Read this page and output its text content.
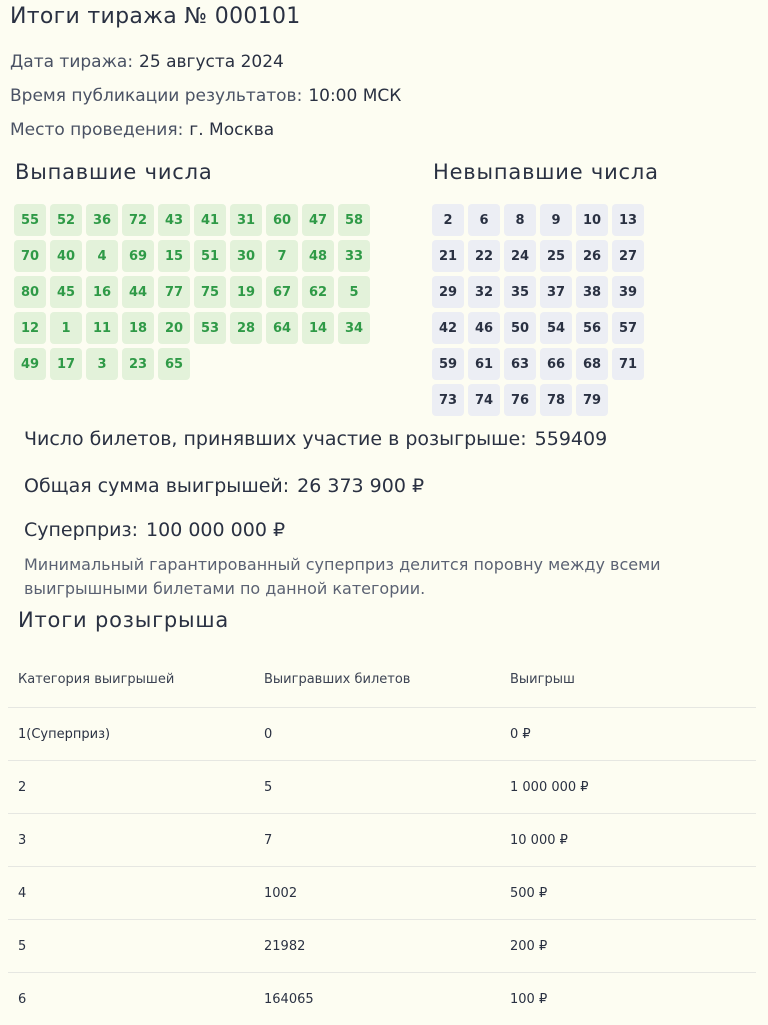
Итоги тиража № 000101
Дата тиража: 25 августа 2024
Время публикации результатов: 10:00 МСК
Место проведения: г. Москва
Выпавшие числа
55	52	36	72	43	41	31	60	47	58
70	40	4	69	15	51	30	7	48	33
80	45	16	44	77	75	19	67	62	5
12	1	11	18	20	53	28	64	14	34
49	17	3	23	65
Невыпавшие числа
2	6	8	9	10	13
21	22	24	25	26	27
29	32	35	37	38	39
42	46	50	54	56	57
59	61	63	66	68	71
73	74	76	78	79
Число билетов, принявших участие в розыгрыше: 559409
Общая сумма выигрышей: 26 373 900 ₽
Суперприз: 100 000 000 ₽
Минимальный гарантированный суперприз делится поровну между всеми выигрышными билетами по данной категории.
Итоги розыгрыша
Категория выигрышей	Выигравших билетов	Выигрыш
1(Суперприз)	0	0 ₽
2	5	1 000 000 ₽
3	7	10 000 ₽
4	1002	500 ₽
5	21982	200 ₽
6	164065	100 ₽
